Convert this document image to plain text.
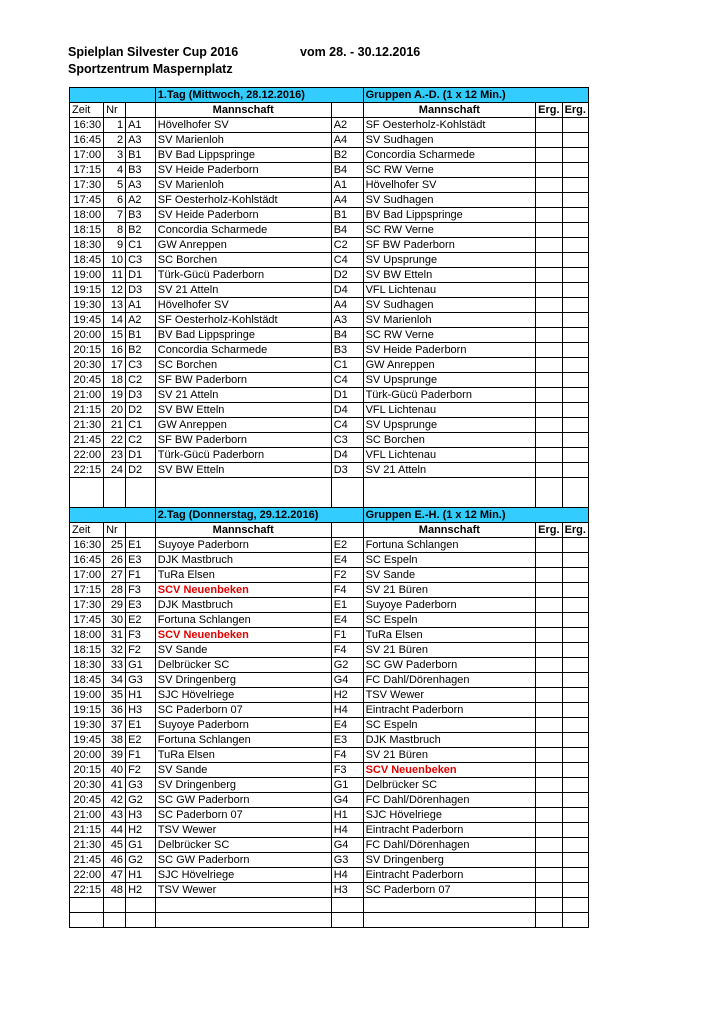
Spielplan Silvester Cup 2016	vom 28. - 30.12.2016
Sportzentrum Maspernplatz
			1.Tag (Mittwoch, 28.12.2016)		Gruppen A.-D. (1 x 12 Min.)		
Zeit	Nr		Mannschaft		Mannschaft	Erg.	Erg.
16:30	1	A1	Hövelhofer SV	A2	SF Oesterholz-Kohlstädt		
16:45	2	A3	SV Marienloh	A4	SV Sudhagen		
17:00	3	B1	BV Bad Lippspringe	B2	Concordia Scharmede		
17:15	4	B3	SV Heide Paderborn	B4	SC RW Verne		
17:30	5	A3	SV Marienloh	A1	Hövelhofer SV		
17:45	6	A2	SF Oesterholz-Kohlstädt	A4	SV Sudhagen		
18:00	7	B3	SV Heide Paderborn	B1	BV Bad Lippspringe		
18:15	8	B2	Concordia Scharmede	B4	SC RW Verne		
18:30	9	C1	GW Anreppen	C2	SF BW Paderborn		
18:45	10	C3	SC Borchen	C4	SV Upsprunge		
19:00	11	D1	Türk-Gücü Paderborn	D2	SV BW Etteln		
19:15	12	D3	SV 21 Atteln	D4	VFL Lichtenau		
19:30	13	A1	Hövelhofer SV	A4	SV Sudhagen		
19:45	14	A2	SF Oesterholz-Kohlstädt	A3	SV Marienloh		
20:00	15	B1	BV Bad Lippspringe	B4	SC RW Verne		
20:15	16	B2	Concordia Scharmede	B3	SV Heide Paderborn		
20:30	17	C3	SC Borchen	C1	GW Anreppen		
20:45	18	C2	SF BW Paderborn	C4	SV Upsprunge		
21:00	19	D3	SV 21 Atteln	D1	Türk-Gücü Paderborn		
21:15	20	D2	SV BW Etteln	D4	VFL Lichtenau		
21:30	21	C1	GW Anreppen	C4	SV Upsprunge		
21:45	22	C2	SF BW Paderborn	C3	SC Borchen		
22:00	23	D1	Türk-Gücü Paderborn	D4	VFL Lichtenau		
22:15	24	D2	SV BW Etteln	D3	SV 21 Atteln		

			2.Tag (Donnerstag, 29.12.2016)		Gruppen E.-H. (1 x 12 Min.)		
Zeit	Nr		Mannschaft		Mannschaft	Erg.	Erg.
16:30	25	E1	Suyoye Paderborn	E2	Fortuna Schlangen		
16:45	26	E3	DJK Mastbruch	E4	SC Espeln		
17:00	27	F1	TuRa Elsen	F2	SV Sande		
17:15	28	F3	SCV Neuenbeken	F4	SV 21 Büren		
17:30	29	E3	DJK Mastbruch	E1	Suyoye Paderborn		
17:45	30	E2	Fortuna Schlangen	E4	SC Espeln		
18:00	31	F3	SCV Neuenbeken	F1	TuRa Elsen		
18:15	32	F2	SV Sande	F4	SV 21 Büren		
18:30	33	G1	Delbrücker SC	G2	SC GW Paderborn		
18:45	34	G3	SV Dringenberg	G4	FC Dahl/Dörenhagen		
19:00	35	H1	SJC Hövelriege	H2	TSV Wewer		
19:15	36	H3	SC Paderborn 07	H4	Eintracht Paderborn		
19:30	37	E1	Suyoye Paderborn	E4	SC Espeln		
19:45	38	E2	Fortuna Schlangen	E3	DJK Mastbruch		
20:00	39	F1	TuRa Elsen	F4	SV 21 Büren		
20:15	40	F2	SV Sande	F3	SCV Neuenbeken		
20:30	41	G3	SV Dringenberg	G1	Delbrücker SC		
20:45	42	G2	SC GW Paderborn	G4	FC Dahl/Dörenhagen		
21:00	43	H3	SC Paderborn 07	H1	SJC Hövelriege		
21:15	44	H2	TSV Wewer	H4	Eintracht Paderborn		
21:30	45	G1	Delbrücker SC	G4	FC Dahl/Dörenhagen		
21:45	46	G2	SC GW Paderborn	G3	SV Dringenberg		
22:00	47	H1	SJC Hövelriege	H4	Eintracht Paderborn		
22:15	48	H2	TSV Wewer	H3	SC Paderborn 07		
